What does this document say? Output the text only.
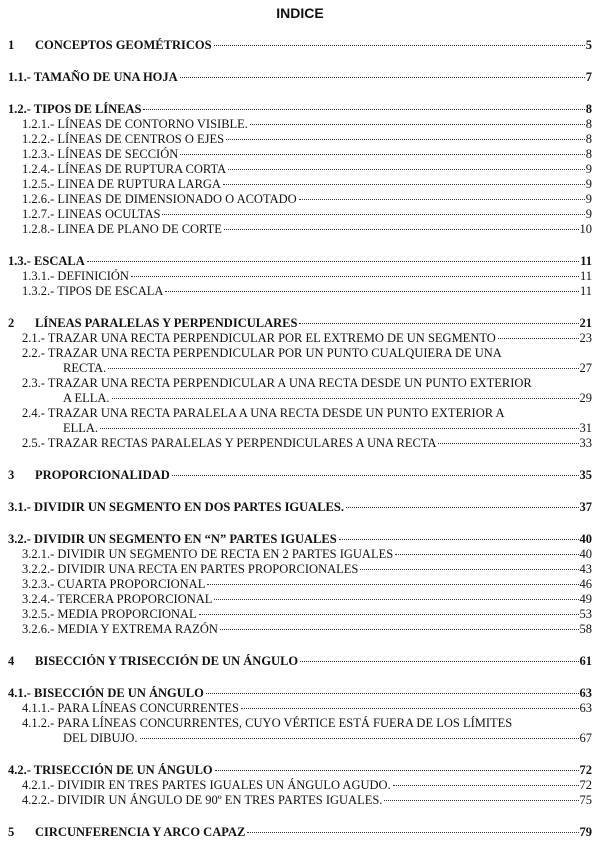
INDICE
1	CONCEPTOS GEOMÉTRICOS	5
1.1.- TAMAÑO DE UNA HOJA	7
1.2.- TIPOS DE LÍNEAS	8
1.2.1.- LÍNEAS DE CONTORNO VISIBLE.	8
1.2.2.- LÍNEAS DE CENTROS O EJES	8
1.2.3.- LÍNEAS DE SECCIÓN	8
1.2.4.- LÍNEAS DE RUPTURA CORTA	9
1.2.5.- LINEA DE RUPTURA LARGA	9
1.2.6.- LINEAS DE DIMENSIONADO O ACOTADO	9
1.2.7.- LINEAS OCULTAS	9
1.2.8.- LINEA DE PLANO DE CORTE	10
1.3.- ESCALA	11
1.3.1.- DEFINICIÓN	11
1.3.2.- TIPOS DE ESCALA	11
2	LÍNEAS PARALELAS Y PERPENDICULARES	21
2.1.- TRAZAR UNA RECTA PERPENDICULAR POR EL EXTREMO DE UN SEGMENTO	23
2.2.- TRAZAR UNA RECTA PERPENDICULAR POR UN PUNTO CUALQUIERA DE UNA
RECTA.	27
2.3.- TRAZAR UNA RECTA PERPENDICULAR A UNA RECTA DESDE UN PUNTO EXTERIOR
A ELLA.	29
2.4.- TRAZAR UNA RECTA PARALELA A UNA RECTA DESDE UN PUNTO EXTERIOR A
ELLA.	31
2.5.- TRAZAR RECTAS PARALELAS Y PERPENDICULARES A UNA RECTA	33
3	PROPORCIONALIDAD	35
3.1.- DIVIDIR UN SEGMENTO EN DOS PARTES IGUALES.	37
3.2.- DIVIDIR UN SEGMENTO EN “N” PARTES IGUALES	40
3.2.1.- DIVIDIR UN SEGMENTO DE RECTA EN 2 PARTES IGUALES	40
3.2.2.- DIVIDIR UNA RECTA EN PARTES PROPORCIONALES	43
3.2.3.- CUARTA PROPORCIONAL	46
3.2.4.- TERCERA PROPORCIONAL	49
3.2.5.- MEDIA PROPORCIONAL	53
3.2.6.- MEDIA Y EXTREMA RAZÓN	58
4	BISECCIÓN Y TRISECCIÓN DE UN ÁNGULO	61
4.1.- BISECCIÓN DE UN ÁNGULO	63
4.1.1.- PARA LÍNEAS CONCURRENTES	63
4.1.2.- PARA LÍNEAS CONCURRENTES, CUYO VÉRTICE ESTÁ FUERA DE LOS LÍMITES
DEL DIBUJO.	67
4.2.- TRISECCIÓN DE UN ÁNGULO	72
4.2.1.- DIVIDIR EN TRES PARTES IGUALES UN ÁNGULO AGUDO.	72
4.2.2.- DIVIDIR UN ÁNGULO DE 90º EN TRES PARTES IGUALES.	75
5	CIRCUNFERENCIA Y ARCO CAPAZ	79
